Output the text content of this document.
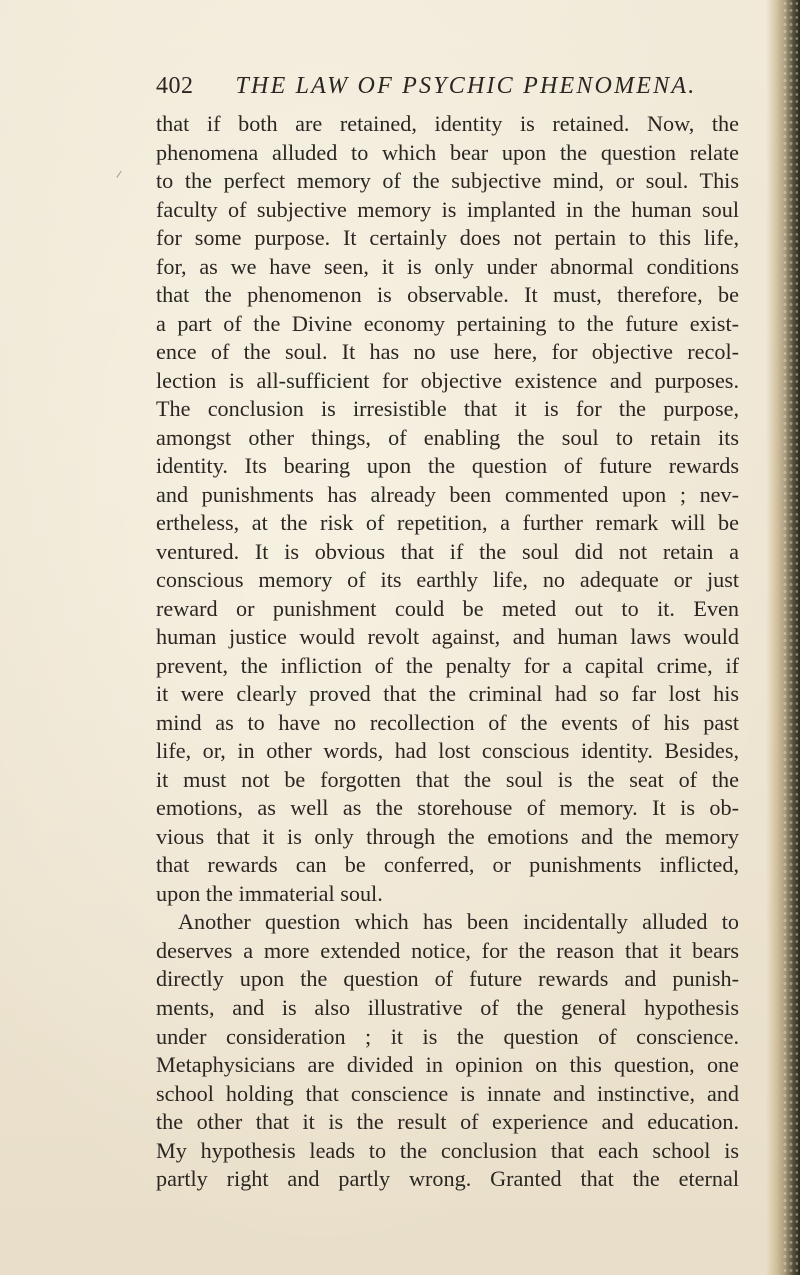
402 THE LAW OF PSYCHIC PHENOMENA.
that if both are retained, identity is retained. Now, the
phenomena alluded to which bear upon the question relate
to the perfect memory of the subjective mind, or soul. This
faculty of subjective memory is implanted in the human soul
for some purpose. It certainly does not pertain to this life,
for, as we have seen, it is only under abnormal conditions
that the phenomenon is observable. It must, therefore, be
a part of the Divine economy pertaining to the future exist-
ence of the soul. It has no use here, for objective recol-
lection is all-sufficient for objective existence and purposes.
The conclusion is irresistible that it is for the purpose,
amongst other things, of enabling the soul to retain its
identity. Its bearing upon the question of future rewards
and punishments has already been commented upon ; nev-
ertheless, at the risk of repetition, a further remark will be
ventured. It is obvious that if the soul did not retain a
conscious memory of its earthly life, no adequate or just
reward or punishment could be meted out to it. Even
human justice would revolt against, and human laws would
prevent, the infliction of the penalty for a capital crime, if
it were clearly proved that the criminal had so far lost his
mind as to have no recollection of the events of his past
life, or, in other words, had lost conscious identity. Besides,
it must not be forgotten that the soul is the seat of the
emotions, as well as the storehouse of memory. It is ob-
vious that it is only through the emotions and the memory
that rewards can be conferred, or punishments inflicted,
upon the immaterial soul.
Another question which has been incidentally alluded to
deserves a more extended notice, for the reason that it bears
directly upon the question of future rewards and punish-
ments, and is also illustrative of the general hypothesis
under consideration ; it is the question of conscience.
Metaphysicians are divided in opinion on this question, one
school holding that conscience is innate and instinctive, and
the other that it is the result of experience and education.
My hypothesis leads to the conclusion that each school is
partly right and partly wrong. Granted that the eternal
